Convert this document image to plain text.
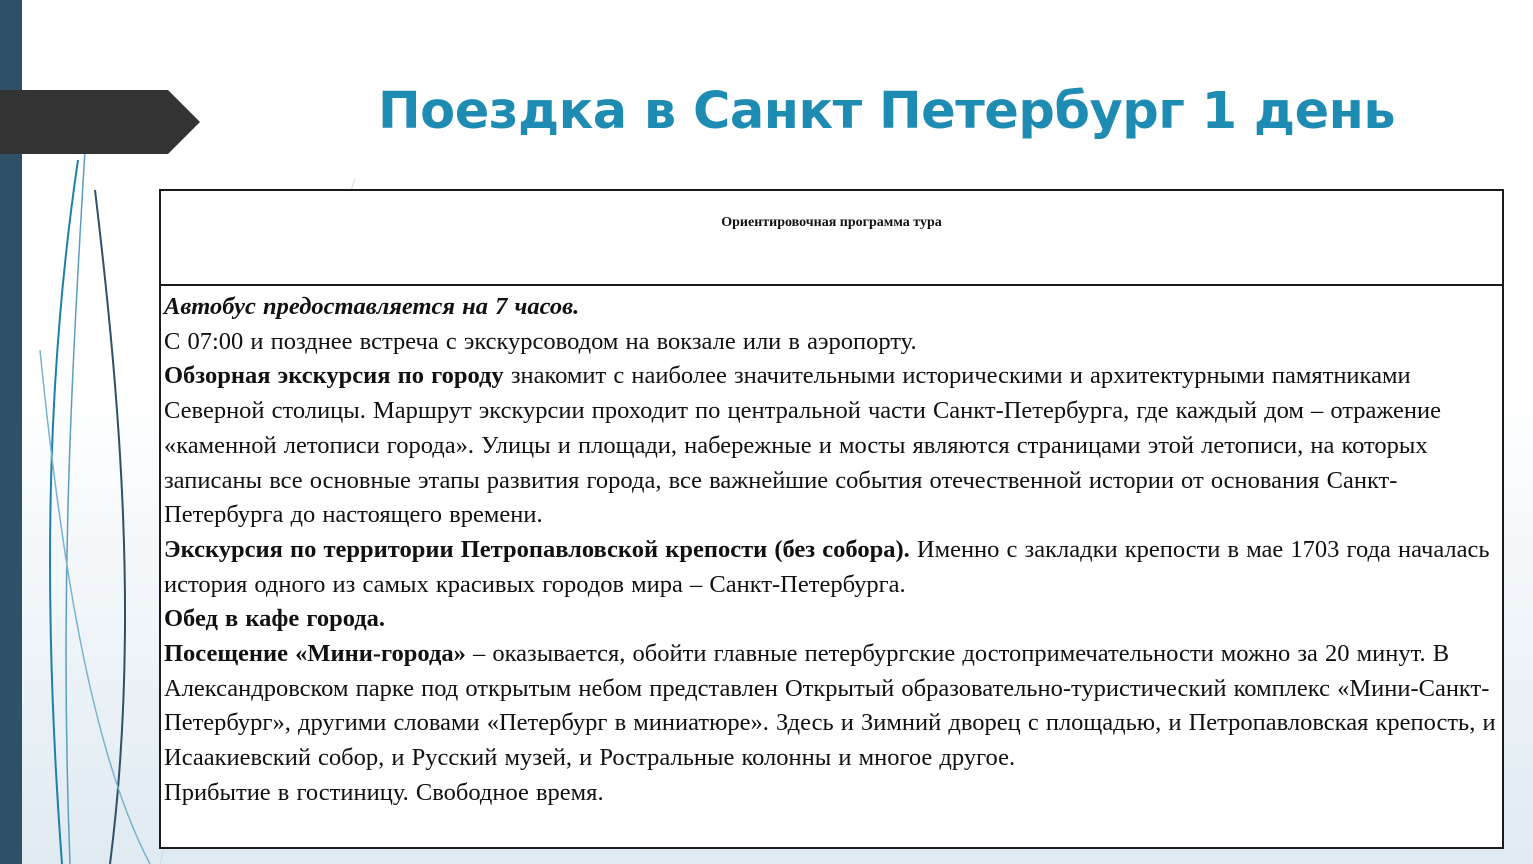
Поездка в Санкт Петербург 1 день
Ориентировочная программа тура

Автобус предоставляется на 7 часов.

С 07:00 и позднее встреча с экскурсоводом на вокзале или в аэропорту.

Обзорная экскурсия по городу знакомит с наиболее значительными историческими и архитектурными памятниками Северной столицы. Маршрут экскурсии проходит по центральной части Санкт-Петербурга, где каждый дом – отражение «каменной летописи города». Улицы и площади, набережные и мосты являются страницами этой летописи, на которых записаны все основные этапы развития города, все важнейшие события отечественной истории от основания Санкт-Петербурга до настоящего времени.

Экскурсия по территории Петропавловской крепости (без собора). Именно с закладки крепости в мае 1703 года началась история одного из самых красивых городов мира – Санкт-Петербурга.

Обед в кафе города.

Посещение «Мини-города» – оказывается, обойти главные петербургские достопримечательности можно за 20 минут. В Александровском парке под открытым небом представлен Открытый образовательно-туристический комплекс «Мини-Санкт-Петербург», другими словами «Петербург в миниатюре». Здесь и Зимний дворец с площадью, и Петропавловская крепость, и Исаакиевский собор, и Русский музей, и Ростральные колонны и многое другое.

Прибытие в гостиницу. Свободное время.
